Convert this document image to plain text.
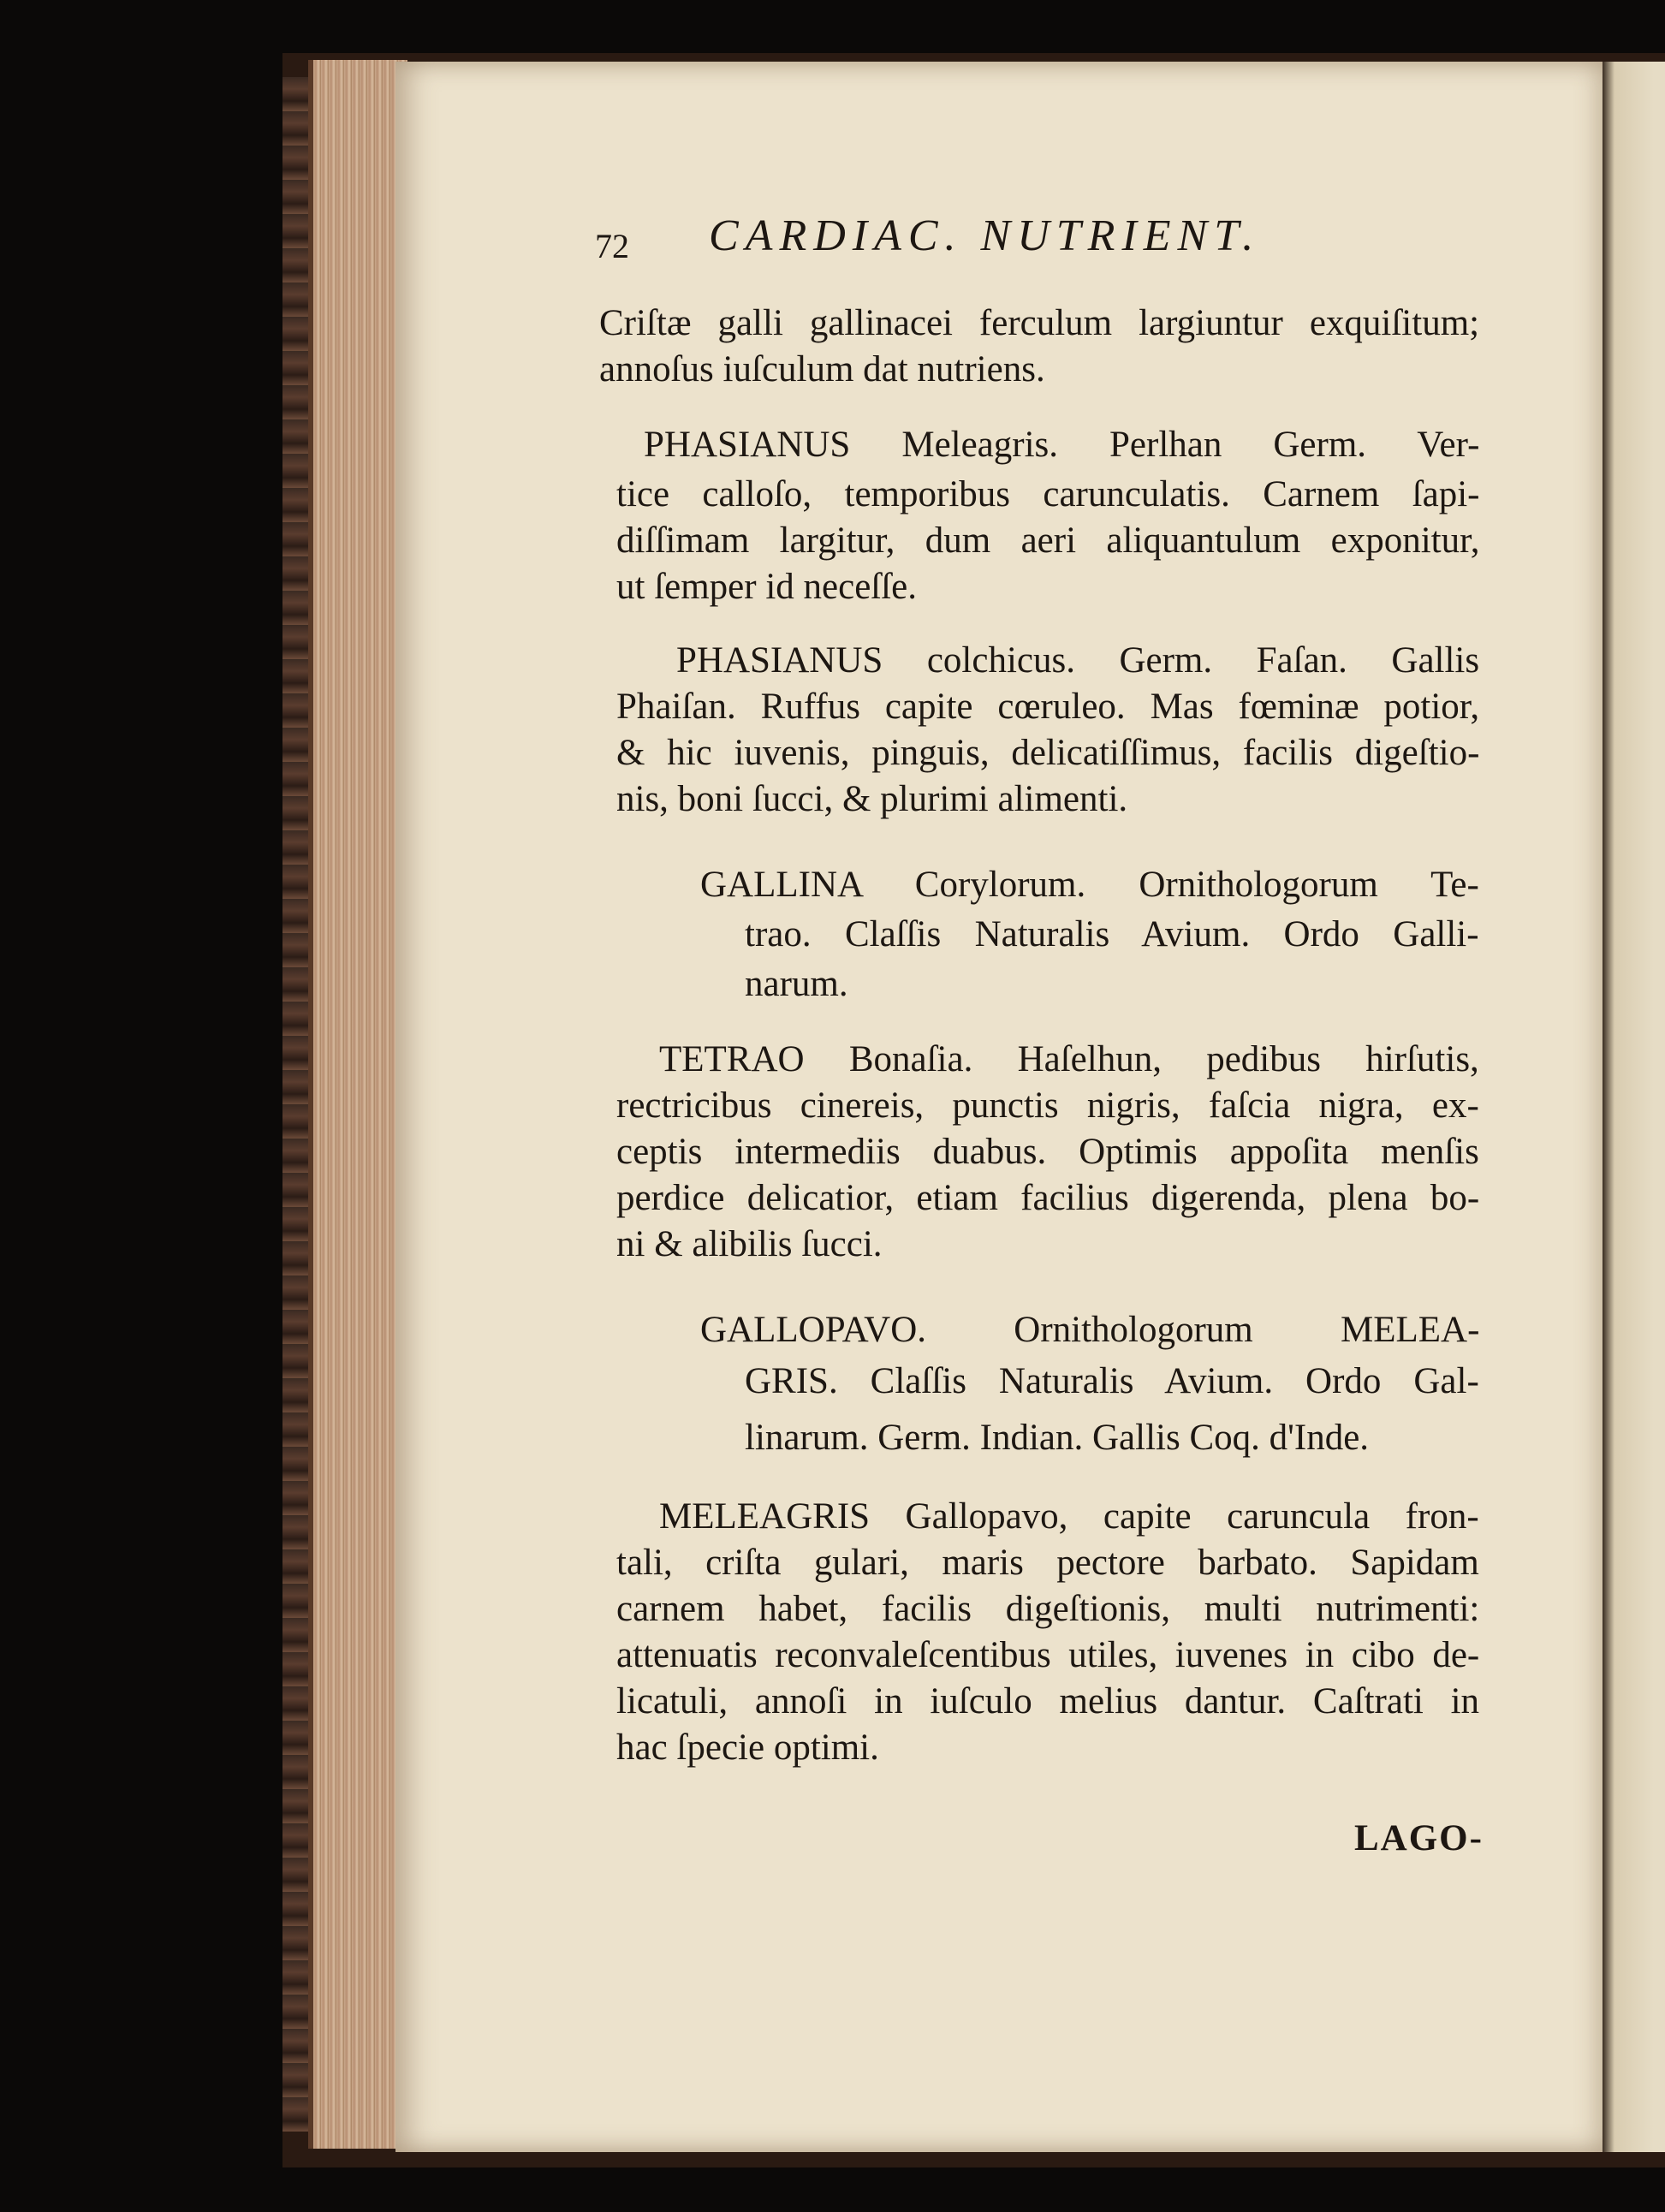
72 CARDIAC. NUTRIENT.
Criſtæ galli gallinacei ferculum largiuntur exquiſitum;
annoſus iuſculum dat nutriens.
PHASIANUS Meleagris. Perlhan Germ. Ver-
tice calloſo, temporibus carunculatis. Carnem ſapi-
diſſimam largitur, dum aeri aliquantulum exponitur,
ut ſemper id neceſſe.
PHASIANUS colchicus. Germ. Faſan. Gallis
Phaiſan. Ruffus capite cœruleo. Mas fœminæ potior,
& hic iuvenis, pinguis, delicatiſſimus, facilis digeſtio-
nis, boni ſucci, & plurimi alimenti.
GALLINA Corylorum. Ornithologorum Te-
trao. Claſſis Naturalis Avium. Ordo Galli-
narum.
TETRAO Bonaſia. Haſelhun, pedibus hirſutis,
rectricibus cinereis, punctis nigris, faſcia nigra, ex-
ceptis intermediis duabus. Optimis appoſita menſis
perdice delicatior, etiam facilius digerenda, plena bo-
ni & alibilis ſucci.
GALLOPAVO. Ornithologorum MELEA-
GRIS. Claſſis Naturalis Avium. Ordo Gal-
linarum. Germ. Indian. Gallis Coq. d'Inde.
MELEAGRIS Gallopavo, capite caruncula fron-
tali, criſta gulari, maris pectore barbato. Sapidam
carnem habet, facilis digeſtionis, multi nutrimenti:
attenuatis reconvaleſcentibus utiles, iuvenes in cibo de-
licatuli, annoſi in iuſculo melius dantur. Caſtrati in
hac ſpecie optimi.
LAGO-
